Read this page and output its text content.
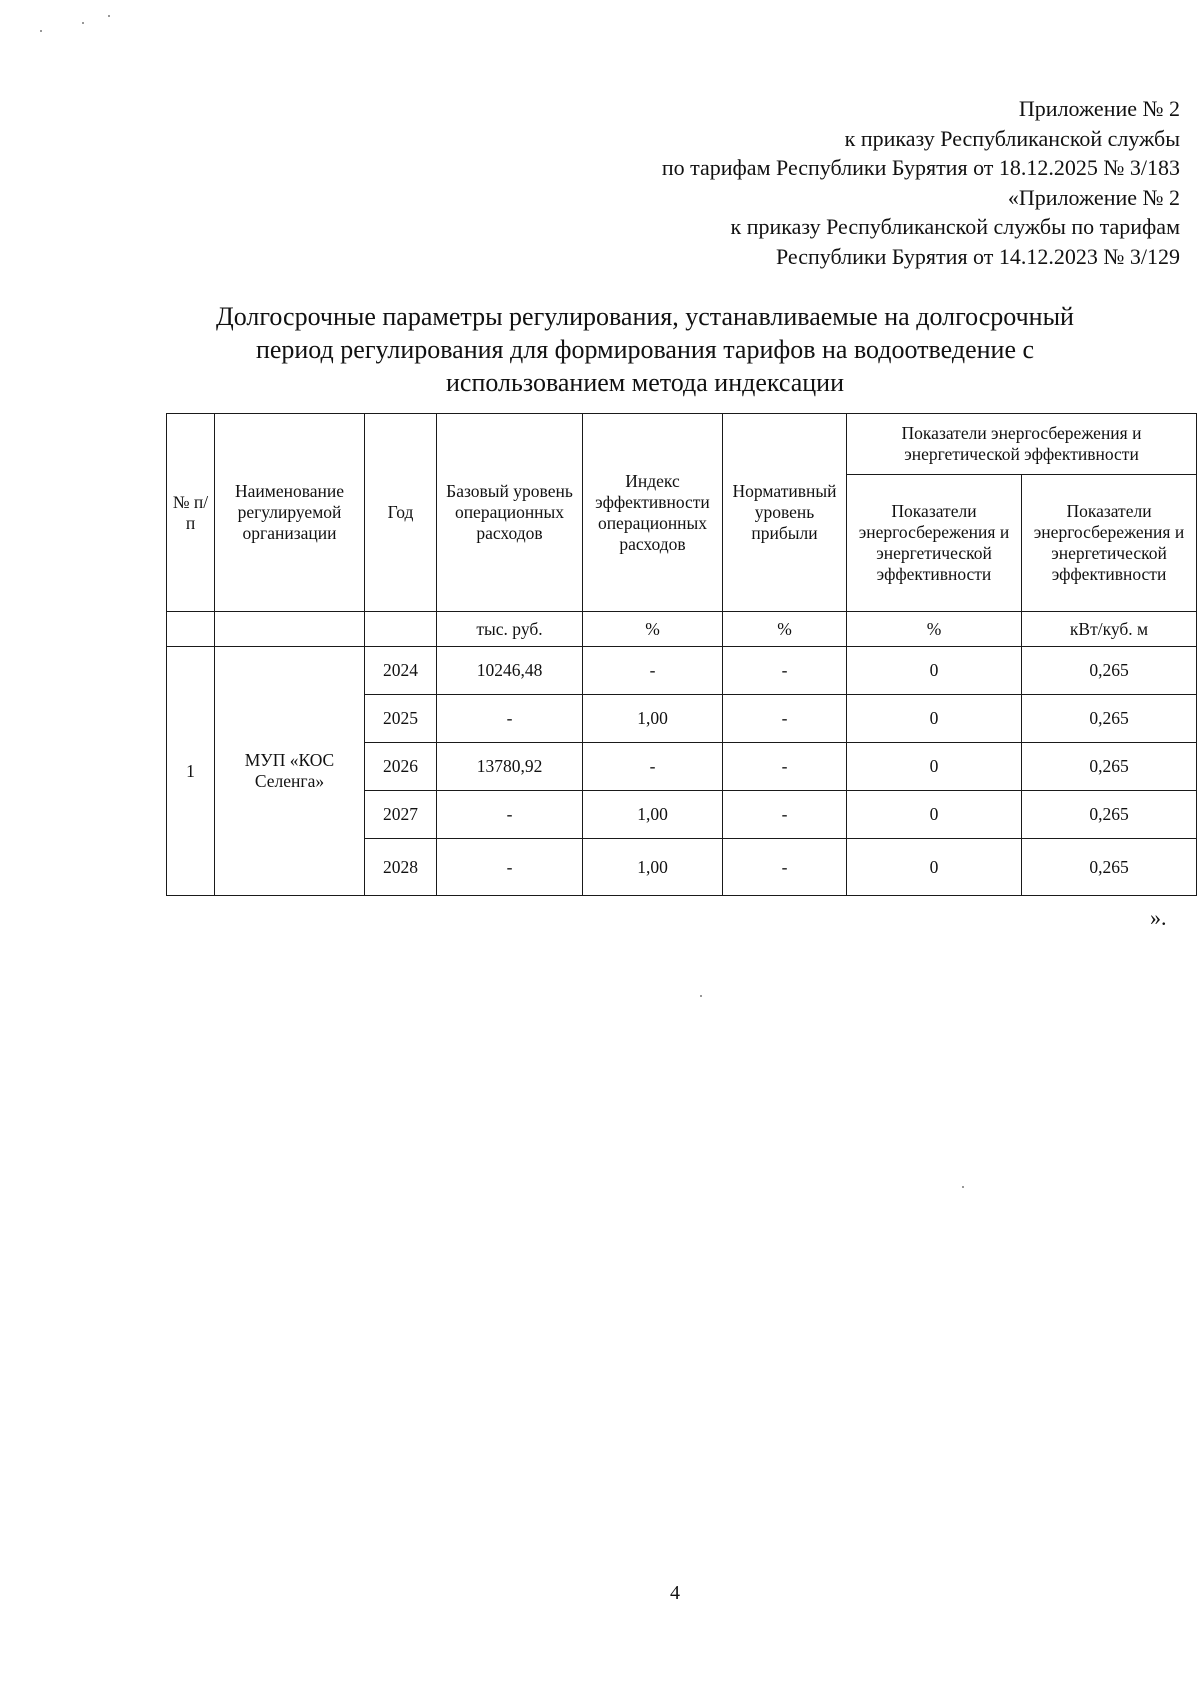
Приложение № 2
к приказу Республиканской службы
по тарифам Республики Бурятия от 18.12.2025 № 3/183
«Приложение № 2
к приказу Республиканской службы по тарифам
Республики Бурятия от 14.12.2023 № 3/129
Долгосрочные параметры регулирования, устанавливаемые на долгосрочный
период регулирования для формирования тарифов на водоотведение с
использованием метода индексации
№ п/п	Наименование регулируемой организации	Год	Базовый уровень операционных расходов	Индекс эффективности операционных расходов	Нормативный уровень прибыли	Показатели энергосбережения и энергетической эффективности	
						Показатели энергосбережения и энергетической эффективности	Показатели энергосбережения и энергетической эффективности
			тыс. руб.	%	%	%	кВт/куб. м
1	МУП «КОС Селенга»	2024	10246,48	-	-	0	0,265
		2025	-	1,00	-	0	0,265
		2026	13780,92	-	-	0	0,265
		2027	-	1,00	-	0	0,265
		2028	-	1,00	-	0	0,265
».
4
